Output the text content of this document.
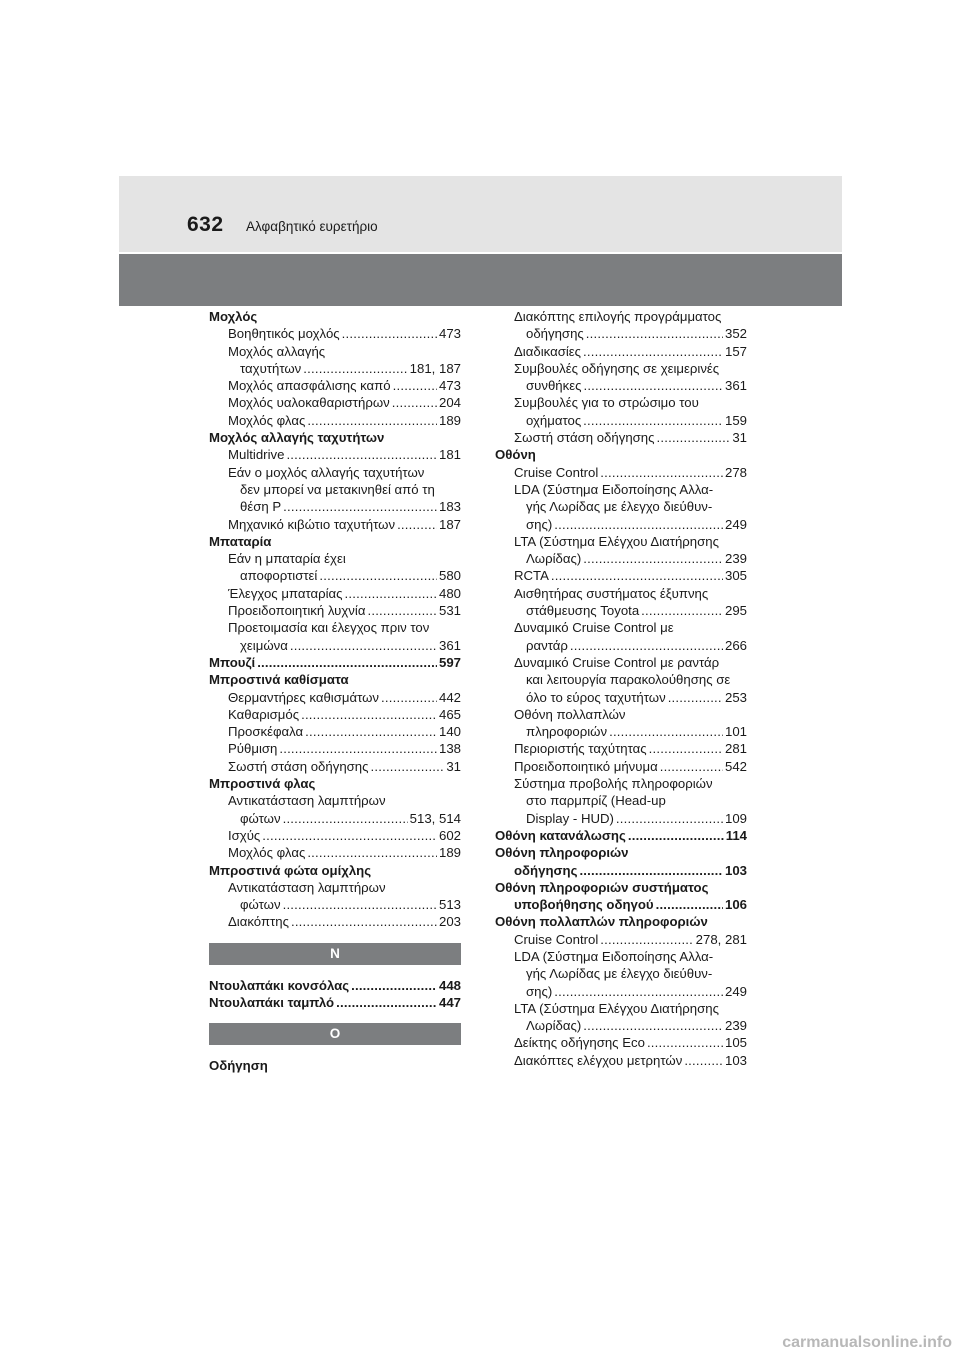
632 Αλφαβητικό ευρετήριο
Μοχλός
Βοηθητικός μοχλός .....	473
Μοχλός αλλαγής
ταχυτήτων .....	181, 187
Μοχλός απασφάλισης καπό .....	473
Μοχλός υαλοκαθαριστήρων .....	204
Μοχλός φλας .....	189
Μοχλός αλλαγής ταχυτήτων
Multidrive .....	181
Εάν ο μοχλός αλλαγής ταχυτήτων
δεν μπορεί να μετακινηθεί από τη
θέση P .....	183
Μηχανικό κιβώτιο ταχυτήτων .....	187
Μπαταρία
Εάν η μπαταρία έχει
αποφορτιστεί .....	580
Έλεγχος μπαταρίας .....	480
Προειδοποιητική λυχνία .....	531
Προετοιμασία και έλεγχος πριν τον
χειμώνα .....	361
Μπουζί .....	597
Μπροστινά καθίσματα
Θερμαντήρες καθισμάτων .....	442
Καθαρισμός .....	465
Προσκέφαλα .....	140
Ρύθμιση .....	138
Σωστή στάση οδήγησης .....	31
Μπροστινά φλας
Αντικατάσταση λαμπτήρων
φώτων .....	513, 514
Ισχύς .....	602
Μοχλός φλας .....	189
Μπροστινά φώτα ομίχλης
Αντικατάσταση λαμπτήρων
φώτων .....	513
Διακόπτης .....	203
N
Ντουλαπάκι κονσόλας .....	448
Ντουλαπάκι ταμπλό .....	447
O
Οδήγηση
Διακόπτης επιλογής προγράμματος
οδήγησης .....	352
Διαδικασίες .....	157
Συμβουλές οδήγησης σε χειμερινές
συνθήκες .....	361
Συμβουλές για το στρώσιμο του
οχήματος .....	159
Σωστή στάση οδήγησης .....	31
Οθόνη
Cruise Control .....	278
LDA (Σύστημα Ειδοποίησης Αλλα-
γής Λωρίδας με έλεγχο διεύθυν-
σης) .....	249
LTA (Σύστημα Ελέγχου Διατήρησης
Λωρίδας) .....	239
RCTA .....	305
Αισθητήρας συστήματος έξυπνης
στάθμευσης Toyota .....	295
Δυναμικό Cruise Control με
ραντάρ .....	266
Δυναμικό Cruise Control με ραντάρ
και λειτουργία παρακολούθησης σε
όλο το εύρος ταχυτήτων .....	253
Οθόνη πολλαπλών
πληροφοριών .....	101
Περιοριστής ταχύτητας .....	281
Προειδοποιητικό μήνυμα .....	542
Σύστημα προβολής πληροφοριών
στο παρμπρίζ (Head-up
Display - HUD) .....	109
Οθόνη κατανάλωσης .....	114
Οθόνη πληροφοριών
οδήγησης .....	103
Οθόνη πληροφοριών συστήματος
υποβοήθησης οδηγού .....	106
Οθόνη πολλαπλών πληροφοριών
Cruise Control .....	278, 281
LDA (Σύστημα Ειδοποίησης Αλλα-
γής Λωρίδας με έλεγχο διεύθυν-
σης) .....	249
LTA (Σύστημα Ελέγχου Διατήρησης
Λωρίδας) .....	239
Δείκτης οδήγησης Eco .....	105
Διακόπτες ελέγχου μετρητών .....	103
carmanualsonline.info
